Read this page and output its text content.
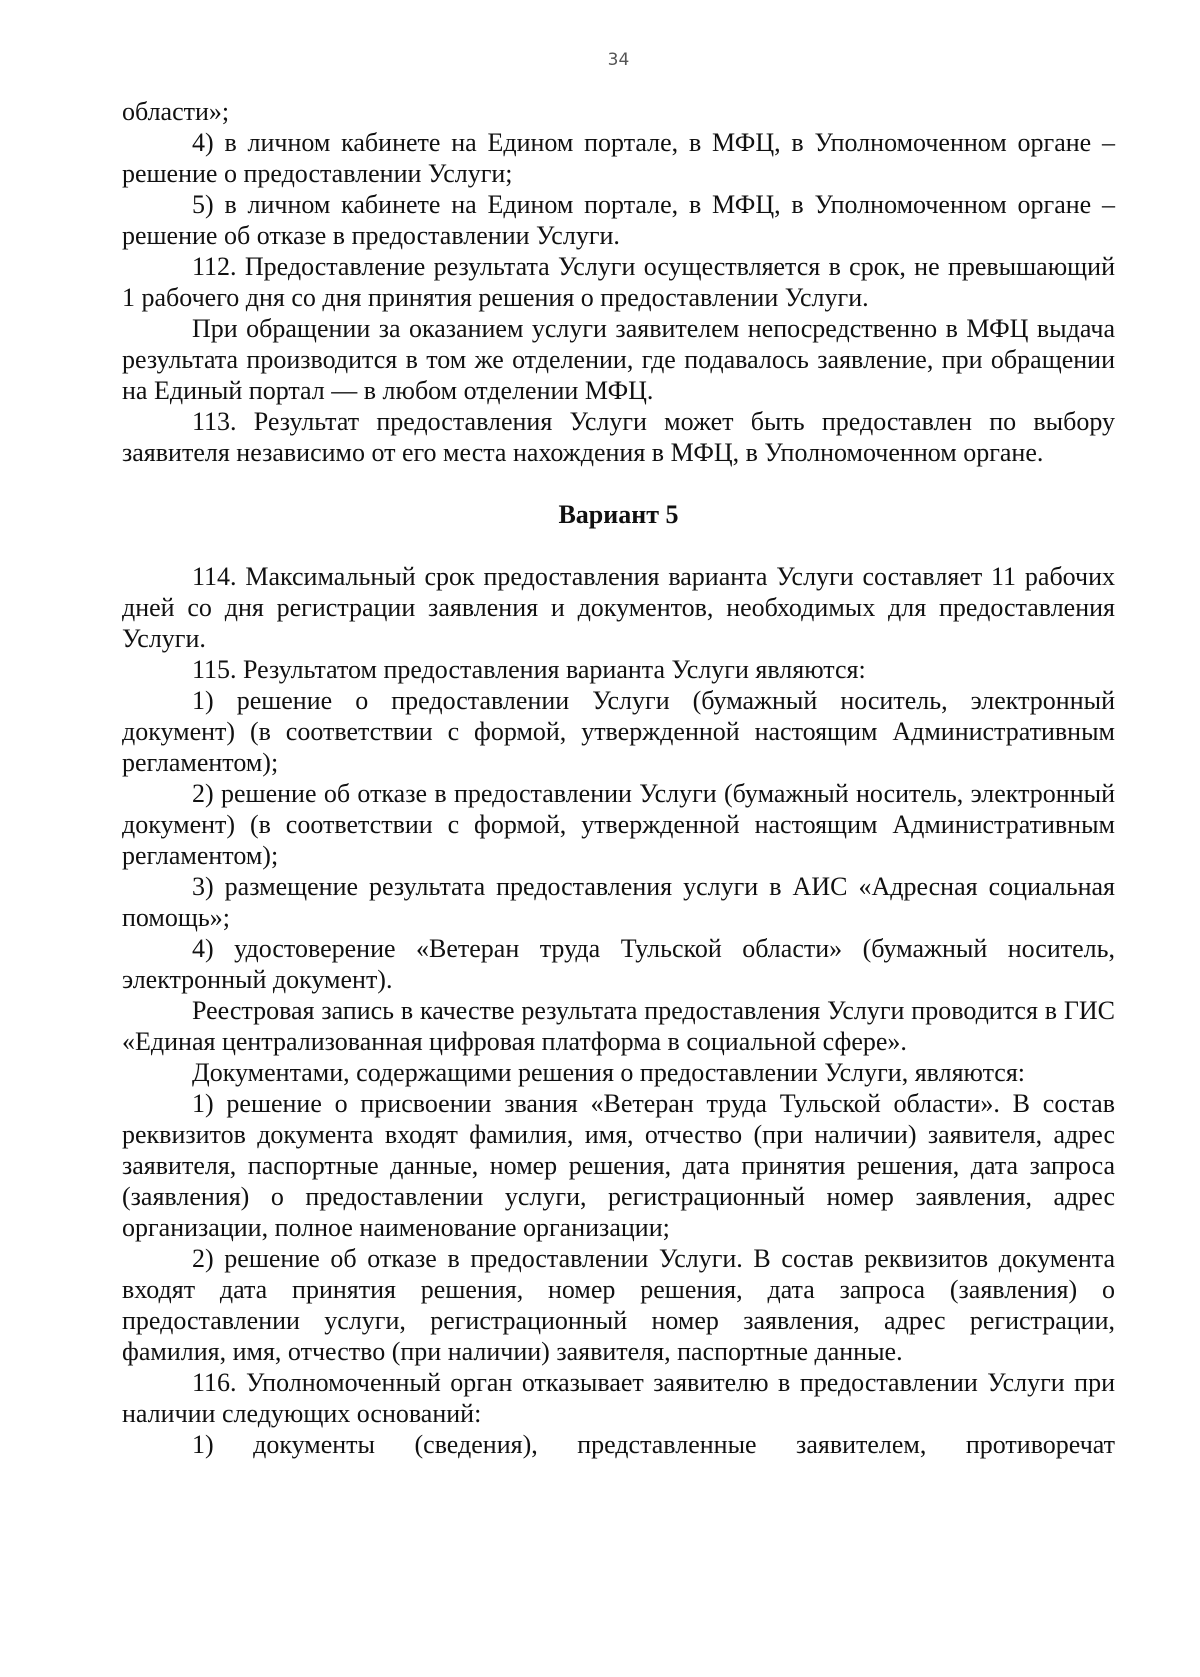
34

области»;

4) в личном кабинете на Едином портале, в МФЦ, в Уполномоченном органе – решение о предоставлении Услуги;

5) в личном кабинете на Едином портале, в МФЦ, в Уполномоченном органе – решение об отказе в предоставлении Услуги.

112. Предоставление результата Услуги осуществляется в срок, не превышающий 1 рабочего дня со дня принятия решения о предоставлении Услуги.

При обращении за оказанием услуги заявителем непосредственно в МФЦ выдача результата производится в том же отделении, где подавалось заявление, при обращении на Единый портал — в любом отделении МФЦ.

113. Результат предоставления Услуги может быть предоставлен по выбору заявителя независимо от его места нахождения в МФЦ, в Уполномоченном органе.

Вариант 5

114. Максимальный срок предоставления варианта Услуги составляет 11 рабочих дней со дня регистрации заявления и документов, необходимых для предоставления Услуги.

115. Результатом предоставления варианта Услуги являются:

1) решение о предоставлении Услуги (бумажный носитель, электронный документ) (в соответствии с формой, утвержденной настоящим Административным регламентом);

2) решение об отказе в предоставлении Услуги (бумажный носитель, электронный документ) (в соответствии с формой, утвержденной настоящим Административным регламентом);

3) размещение результата предоставления услуги в АИС «Адресная социальная помощь»;

4) удостоверение «Ветеран труда Тульской области» (бумажный носитель, электронный документ).

Реестровая запись в качестве результата предоставления Услуги проводится в ГИС «Единая централизованная цифровая платформа в социальной сфере».

Документами, содержащими решения о предоставлении Услуги, являются:

1) решение о присвоении звания «Ветеран труда Тульской области». В состав реквизитов документа входят фамилия, имя, отчество (при наличии) заявителя, адрес заявителя, паспортные данные, номер решения, дата принятия решения, дата запроса (заявления) о предоставлении услуги, регистрационный номер заявления, адрес организации, полное наименование организации;

2) решение об отказе в предоставлении Услуги. В состав реквизитов документа входят дата принятия решения, номер решения, дата запроса (заявления) о предоставлении услуги, регистрационный номер заявления, адрес регистрации, фамилия, имя, отчество (при наличии) заявителя, паспортные данные.

116. Уполномоченный орган отказывает заявителю в предоставлении Услуги при наличии следующих оснований:

1) документы (сведения), представленные заявителем, противоречат
